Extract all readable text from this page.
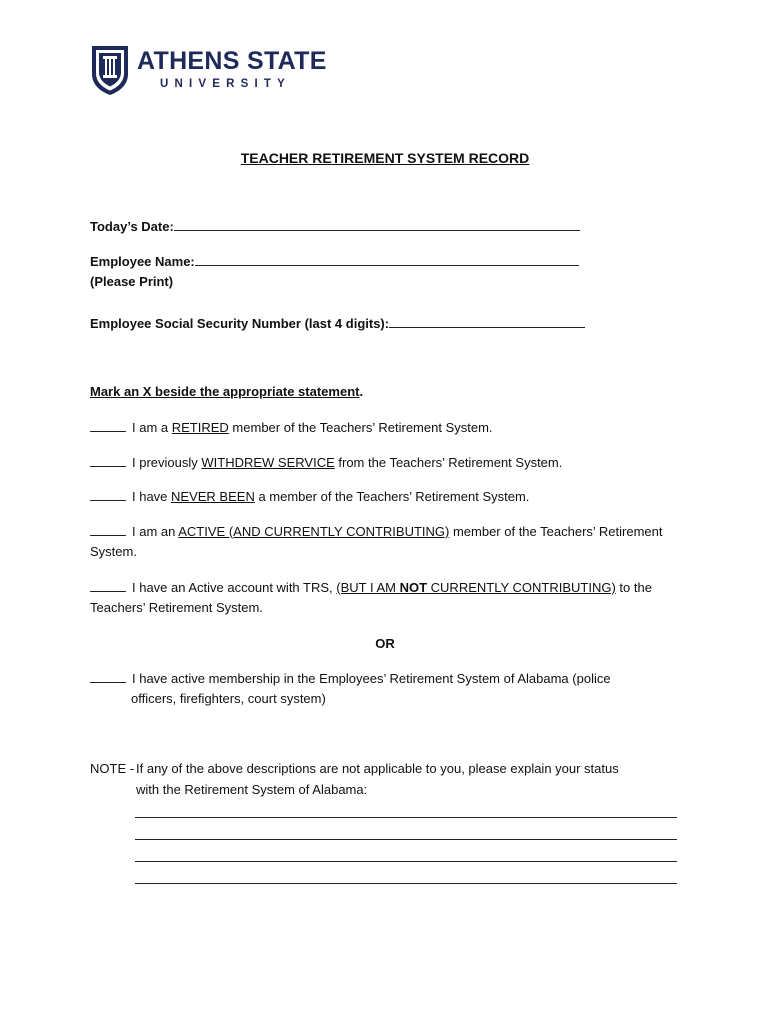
ATHENS STATE
UNIVERSITY
TEACHER RETIREMENT SYSTEM RECORD
Today’s Date:
Employee Name:
(Please Print)
Employee Social Security Number (last 4 digits):
Mark an X beside the appropriate statement.
I am a RETIRED member of the Teachers’ Retirement System.
I previously WITHDREW SERVICE from the Teachers’ Retirement System.
I have NEVER BEEN a member of the Teachers’ Retirement System.
I am an ACTIVE (AND CURRENTLY CONTRIBUTING) member of the Teachers’ Retirement
System.
I have an Active account with TRS, (BUT I AM NOT CURRENTLY CONTRIBUTING) to the
Teachers’ Retirement System.
OR
I have active membership in the Employees’ Retirement System of Alabama (police
officers, firefighters, court system)
NOTE - If any of the above descriptions are not applicable to you, please explain your status
with the Retirement System of Alabama:
